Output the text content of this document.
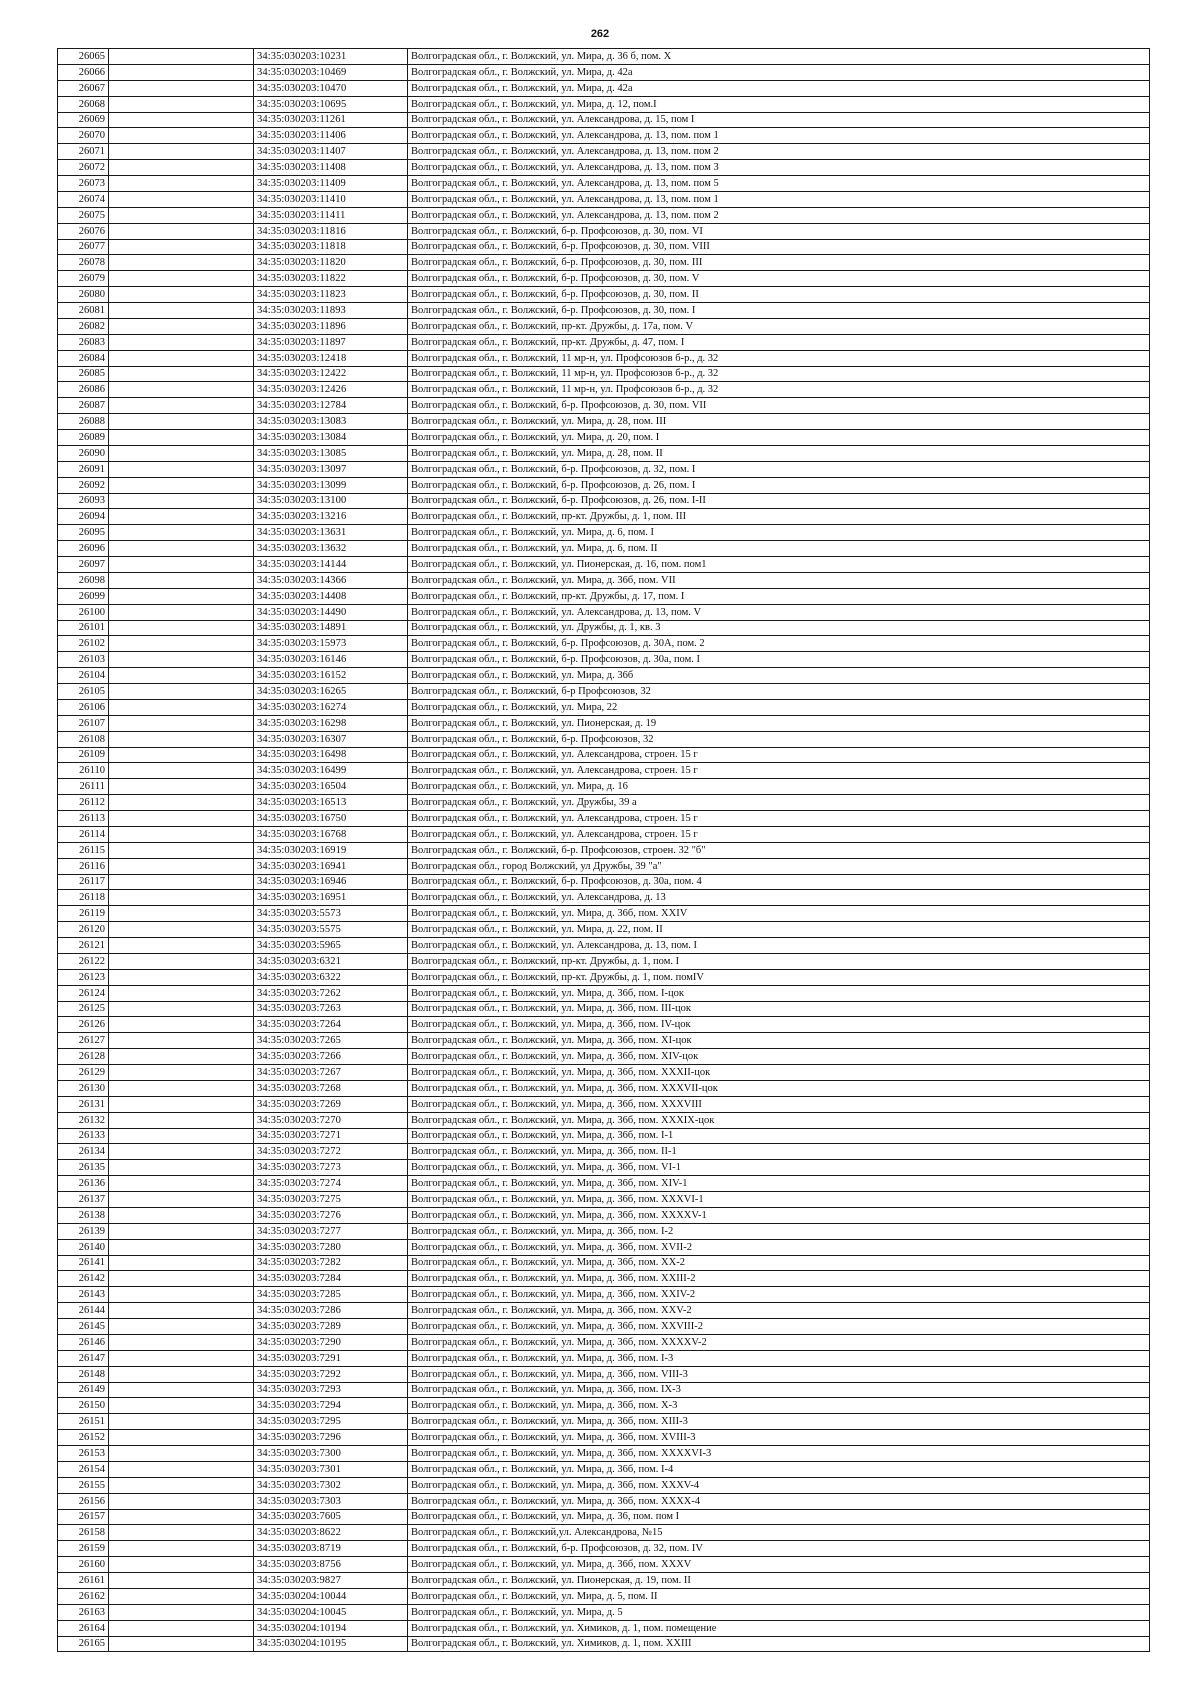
262
26065		34:35:030203:10231	Волгоградская обл., г. Волжский, ул. Мира, д. 36 б, пом. X
26066		34:35:030203:10469	Волгоградская обл., г. Волжский, ул. Мира, д. 42а
26067		34:35:030203:10470	Волгоградская обл., г. Волжский, ул. Мира, д. 42а
26068		34:35:030203:10695	Волгоградская обл., г. Волжский, ул. Мира, д. 12, пом.I
26069		34:35:030203:11261	Волгоградская обл., г. Волжский, ул. Александрова, д. 15, пом I
26070		34:35:030203:11406	Волгоградская обл., г. Волжский, ул. Александрова, д. 13, пом. пом 1
26071		34:35:030203:11407	Волгоградская обл., г. Волжский, ул. Александрова, д. 13, пом. пом 2
26072		34:35:030203:11408	Волгоградская обл., г. Волжский, ул. Александрова, д. 13, пом. пом 3
26073		34:35:030203:11409	Волгоградская обл., г. Волжский, ул. Александрова, д. 13, пом. пом 5
26074		34:35:030203:11410	Волгоградская обл., г. Волжский, ул. Александрова, д. 13, пом. пом 1
26075		34:35:030203:11411	Волгоградская обл., г. Волжский, ул. Александрова, д. 13, пом. пом 2
26076		34:35:030203:11816	Волгоградская обл., г. Волжский, б-р. Профсоюзов, д. 30, пом. VI
26077		34:35:030203:11818	Волгоградская обл., г. Волжский, б-р. Профсоюзов, д. 30, пом. VIII
26078		34:35:030203:11820	Волгоградская обл., г. Волжский, б-р. Профсоюзов, д. 30, пом. III
26079		34:35:030203:11822	Волгоградская обл., г. Волжский, б-р. Профсоюзов, д. 30, пом. V
26080		34:35:030203:11823	Волгоградская обл., г. Волжский, б-р. Профсоюзов, д. 30, пом. II
26081		34:35:030203:11893	Волгоградская обл., г. Волжский, б-р. Профсоюзов, д. 30, пом. I
26082		34:35:030203:11896	Волгоградская обл., г. Волжский, пр-кт. Дружбы, д. 17а, пом. V
26083		34:35:030203:11897	Волгоградская обл., г. Волжский, пр-кт. Дружбы, д. 47, пом. I
26084		34:35:030203:12418	Волгоградская обл., г. Волжский, 11 мр-н, ул. Профсоюзов б-р., д. 32
26085		34:35:030203:12422	Волгоградская обл., г. Волжский, 11 мр-н, ул. Профсоюзов б-р., д. 32
26086		34:35:030203:12426	Волгоградская обл., г. Волжский, 11 мр-н, ул. Профсоюзов б-р., д. 32
26087		34:35:030203:12784	Волгоградская обл., г. Волжский, б-р. Профсоюзов, д. 30, пом. VII
26088		34:35:030203:13083	Волгоградская обл., г. Волжский, ул. Мира, д. 28, пом. III
26089		34:35:030203:13084	Волгоградская обл., г. Волжский, ул. Мира, д. 20, пом. I
26090		34:35:030203:13085	Волгоградская обл., г. Волжский, ул. Мира, д. 28, пом. II
26091		34:35:030203:13097	Волгоградская обл., г. Волжский, б-р. Профсоюзов, д. 32, пом. I
26092		34:35:030203:13099	Волгоградская обл., г. Волжский, б-р. Профсоюзов, д. 26, пом. I
26093		34:35:030203:13100	Волгоградская обл., г. Волжский, б-р. Профсоюзов, д. 26, пом. I-II
26094		34:35:030203:13216	Волгоградская обл., г. Волжский, пр-кт. Дружбы, д. 1, пом. III
26095		34:35:030203:13631	Волгоградская обл., г. Волжский, ул. Мира, д. 6, пом. I
26096		34:35:030203:13632	Волгоградская обл., г. Волжский, ул. Мира, д. 6, пом. II
26097		34:35:030203:14144	Волгоградская обл., г. Волжский, ул. Пионерская, д. 16, пом. пом1
26098		34:35:030203:14366	Волгоградская обл., г. Волжский, ул. Мира, д. 36б, пом. VII
26099		34:35:030203:14408	Волгоградская обл., г. Волжский, пр-кт. Дружбы, д. 17, пом. I
26100		34:35:030203:14490	Волгоградская обл., г. Волжский, ул. Александрова, д. 13, пом. V
26101		34:35:030203:14891	Волгоградская обл., г. Волжский, ул. Дружбы, д. 1, кв. 3
26102		34:35:030203:15973	Волгоградская обл., г. Волжский, б-р. Профсоюзов, д. 30А, пом. 2
26103		34:35:030203:16146	Волгоградская обл., г. Волжский, б-р. Профсоюзов, д. 30а, пом. I
26104		34:35:030203:16152	Волгоградская обл., г. Волжский, ул. Мира, д. 36б
26105		34:35:030203:16265	Волгоградская обл., г. Волжский, б-р Профсоюзов, 32
26106		34:35:030203:16274	Волгоградская обл., г. Волжский, ул. Мира, 22
26107		34:35:030203:16298	Волгоградская обл., г. Волжский, ул. Пионерская, д. 19
26108		34:35:030203:16307	Волгоградская обл., г. Волжский, б-р. Профсоюзов, 32
26109		34:35:030203:16498	Волгоградская обл., г. Волжский, ул. Александрова, строен. 15 г
26110		34:35:030203:16499	Волгоградская обл., г. Волжский, ул. Александрова, строен. 15 г
26111		34:35:030203:16504	Волгоградская обл., г. Волжский, ул. Мира, д. 16
26112		34:35:030203:16513	Волгоградская обл., г. Волжский, ул. Дружбы, 39 а
26113		34:35:030203:16750	Волгоградская обл., г. Волжский, ул. Александрова, строен. 15 г
26114		34:35:030203:16768	Волгоградская обл., г. Волжский, ул. Александрова, строен. 15 г
26115		34:35:030203:16919	Волгоградская обл., г. Волжский, б-р. Профсоюзов, строен. 32 "б"
26116		34:35:030203:16941	Волгоградская обл., город Волжский, ул Дружбы, 39 "а"
26117		34:35:030203:16946	Волгоградская обл., г. Волжский, б-р. Профсоюзов, д. 30а, пом. 4
26118		34:35:030203:16951	Волгоградская обл., г. Волжский, ул. Александрова, д. 13
26119		34:35:030203:5573	Волгоградская обл., г. Волжский, ул. Мира, д. 36б, пом. XXIV
26120		34:35:030203:5575	Волгоградская обл., г. Волжский, ул. Мира, д. 22, пом. II
26121		34:35:030203:5965	Волгоградская обл., г. Волжский, ул. Александрова, д. 13, пом. I
26122		34:35:030203:6321	Волгоградская обл., г. Волжский, пр-кт. Дружбы, д. 1, пом. I
26123		34:35:030203:6322	Волгоградская обл., г. Волжский, пр-кт. Дружбы, д. 1, пом. помIV
26124		34:35:030203:7262	Волгоградская обл., г. Волжский, ул. Мира, д. 36б, пом. I-цок
26125		34:35:030203:7263	Волгоградская обл., г. Волжский, ул. Мира, д. 36б, пом. III-цок
26126		34:35:030203:7264	Волгоградская обл., г. Волжский, ул. Мира, д. 36б, пом. IV-цок
26127		34:35:030203:7265	Волгоградская обл., г. Волжский, ул. Мира, д. 36б, пом. XI-цок
26128		34:35:030203:7266	Волгоградская обл., г. Волжский, ул. Мира, д. 36б, пом. XIV-цок
26129		34:35:030203:7267	Волгоградская обл., г. Волжский, ул. Мира, д. 36б, пом. XXXII-цок
26130		34:35:030203:7268	Волгоградская обл., г. Волжский, ул. Мира, д. 36б, пом. XXXVII-цок
26131		34:35:030203:7269	Волгоградская обл., г. Волжский, ул. Мира, д. 36б, пом. XXXVIII
26132		34:35:030203:7270	Волгоградская обл., г. Волжский, ул. Мира, д. 36б, пом. XXXIX-цок
26133		34:35:030203:7271	Волгоградская обл., г. Волжский, ул. Мира, д. 36б, пом. I-1
26134		34:35:030203:7272	Волгоградская обл., г. Волжский, ул. Мира, д. 36б, пом. II-1
26135		34:35:030203:7273	Волгоградская обл., г. Волжский, ул. Мира, д. 36б, пом. VI-1
26136		34:35:030203:7274	Волгоградская обл., г. Волжский, ул. Мира, д. 36б, пом. XIV-1
26137		34:35:030203:7275	Волгоградская обл., г. Волжский, ул. Мира, д. 36б, пом. XXXVI-1
26138		34:35:030203:7276	Волгоградская обл., г. Волжский, ул. Мира, д. 36б, пом. XXXXV-1
26139		34:35:030203:7277	Волгоградская обл., г. Волжский, ул. Мира, д. 36б, пом. I-2
26140		34:35:030203:7280	Волгоградская обл., г. Волжский, ул. Мира, д. 36б, пом. XVII-2
26141		34:35:030203:7282	Волгоградская обл., г. Волжский, ул. Мира, д. 36б, пом. XX-2
26142		34:35:030203:7284	Волгоградская обл., г. Волжский, ул. Мира, д. 36б, пом. XXIII-2
26143		34:35:030203:7285	Волгоградская обл., г. Волжский, ул. Мира, д. 36б, пом. XXIV-2
26144		34:35:030203:7286	Волгоградская обл., г. Волжский, ул. Мира, д. 36б, пом. XXV-2
26145		34:35:030203:7289	Волгоградская обл., г. Волжский, ул. Мира, д. 36б, пом. XXVIII-2
26146		34:35:030203:7290	Волгоградская обл., г. Волжский, ул. Мира, д. 36б, пом. XXXXV-2
26147		34:35:030203:7291	Волгоградская обл., г. Волжский, ул. Мира, д. 36б, пом. I-3
26148		34:35:030203:7292	Волгоградская обл., г. Волжский, ул. Мира, д. 36б, пом. VIII-3
26149		34:35:030203:7293	Волгоградская обл., г. Волжский, ул. Мира, д. 36б, пом. IX-3
26150		34:35:030203:7294	Волгоградская обл., г. Волжский, ул. Мира, д. 36б, пом. X-3
26151		34:35:030203:7295	Волгоградская обл., г. Волжский, ул. Мира, д. 36б, пом. XIII-3
26152		34:35:030203:7296	Волгоградская обл., г. Волжский, ул. Мира, д. 36б, пом. XVIII-3
26153		34:35:030203:7300	Волгоградская обл., г. Волжский, ул. Мира, д. 36б, пом. XXXXVI-3
26154		34:35:030203:7301	Волгоградская обл., г. Волжский, ул. Мира, д. 36б, пом. I-4
26155		34:35:030203:7302	Волгоградская обл., г. Волжский, ул. Мира, д. 36б, пом. XXXV-4
26156		34:35:030203:7303	Волгоградская обл., г. Волжский, ул. Мира, д. 36б, пом. XXXX-4
26157		34:35:030203:7605	Волгоградская обл., г. Волжский, ул. Мира, д. 36, пом. пом I
26158		34:35:030203:8622	Волгоградская обл., г. Волжский,ул. Александрова, №15
26159		34:35:030203:8719	Волгоградская обл., г. Волжский, б-р. Профсоюзов, д. 32, пом. IV
26160		34:35:030203:8756	Волгоградская обл., г. Волжский, ул. Мира, д. 36б, пом. XXXV
26161		34:35:030203:9827	Волгоградская обл., г. Волжский, ул. Пионерская, д. 19, пом. II
26162		34:35:030204:10044	Волгоградская обл., г. Волжский, ул. Мира, д. 5, пом. II
26163		34:35:030204:10045	Волгоградская обл., г. Волжский, ул. Мира, д. 5
26164		34:35:030204:10194	Волгоградская обл., г. Волжский, ул. Химиков, д. 1, пом. помещение
26165		34:35:030204:10195	Волгоградская обл., г. Волжский, ул. Химиков, д. 1, пом. XXIII
